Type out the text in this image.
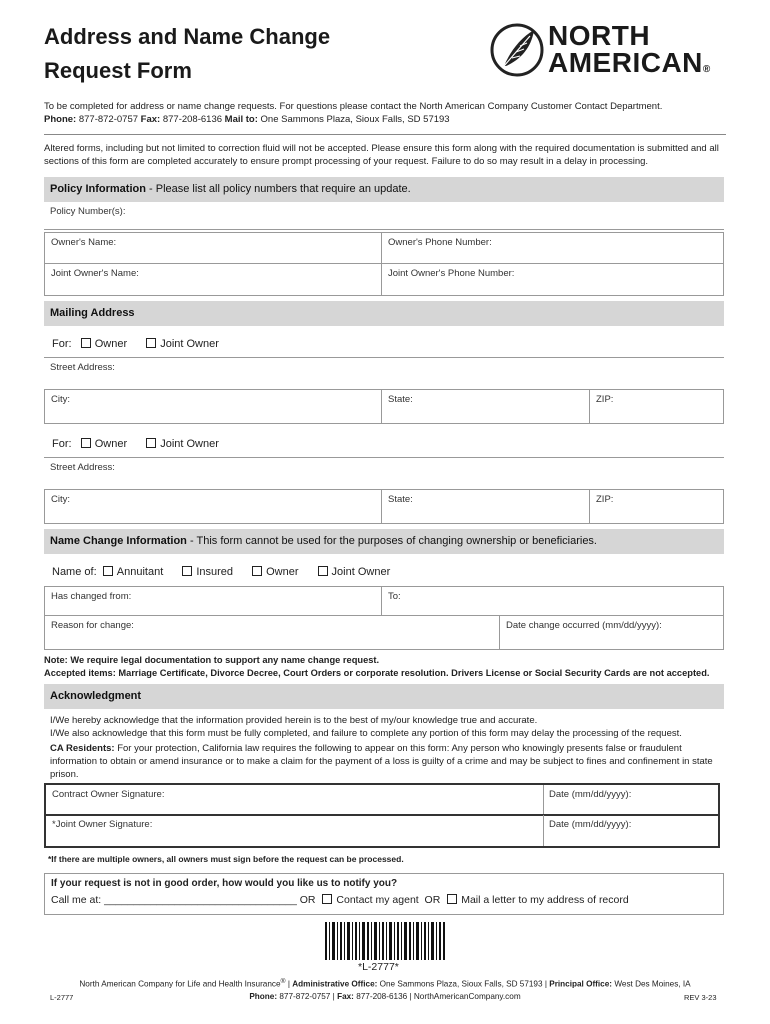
Address and Name Change
Request Form
NORTH
AMERICAN®
To be completed for address or name change requests. For questions please contact the North American Company Customer Contact Department.
Phone: 877-872-0757 Fax: 877-208-6136 Mail to: One Sammons Plaza, Sioux Falls, SD 57193
Altered forms, including but not limited to correction fluid will not be accepted. Please ensure this form along with the required documentation is submitted and all sections of this form are completed accurately to ensure prompt processing of your request. Failure to do so may result in a delay in processing.
Policy Information - Please list all policy numbers that require an update.
Policy Number(s):
Owner's Name:	Owner's Phone Number:
Joint Owner's Name:	Joint Owner's Phone Number:
Mailing Address
For: Owner	Joint Owner
Street Address:
City:	State:	ZIP:
For: Owner	Joint Owner
Street Address:
City:	State:	ZIP:
Name Change Information - This form cannot be used for the purposes of changing ownership or beneficiaries.
Name of: Annuitant	Insured	Owner	Joint Owner
Has changed from:	To:
Reason for change:	Date change occurred (mm/dd/yyyy):
Note: We require legal documentation to support any name change request.
Accepted items: Marriage Certificate, Divorce Decree, Court Orders or corporate resolution. Drivers License or Social Security Cards are not accepted.
Acknowledgment
I/We hereby acknowledge that the information provided herein is to the best of my/our knowledge true and accurate.
I/We also acknowledge that this form must be fully completed, and failure to complete any portion of this form may delay the processing of the request.
CA Residents: For your protection, California law requires the following to appear on this form: Any person who knowingly presents false or fraudulent information to obtain or amend insurance or to make a claim for the payment of a loss is guilty of a crime and may be subject to fines and confinement in state prison.
Contract Owner Signature:	Date (mm/dd/yyyy):
*Joint Owner Signature:	Date (mm/dd/yyyy):
*If there are multiple owners, all owners must sign before the request can be processed.
If your request is not in good order, how would you like us to notify you?
Call me at: _________________________________ OR Contact my agent OR Mail a letter to my address of record
*L-2777*
North American Company for Life and Health Insurance® | Administrative Office: One Sammons Plaza, Sioux Falls, SD 57193 | Principal Office: West Des Moines, IA
Phone: 877-872-0757 | Fax: 877-208-6136 | NorthAmericanCompany.com
L-2777	REV 3-23
